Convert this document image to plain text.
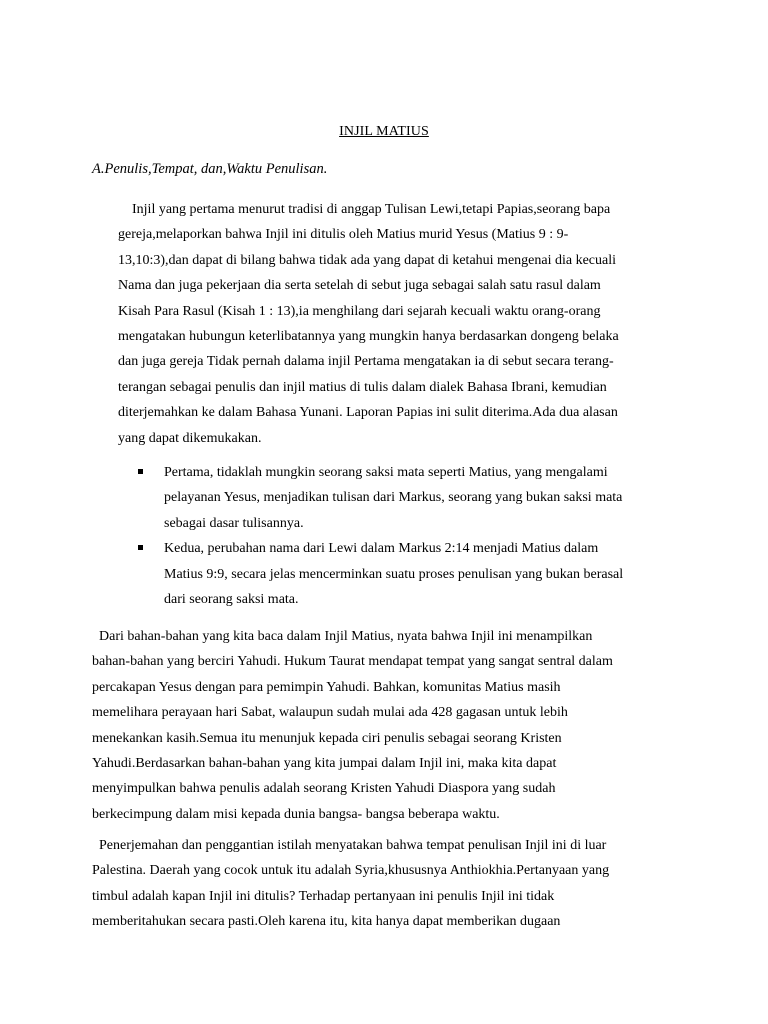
INJIL MATIUS
A.Penulis,Tempat, dan,Waktu Penulisan.
Injil yang pertama menurut tradisi di anggap Tulisan Lewi,tetapi Papias,seorang bapa
gereja,melaporkan bahwa Injil ini ditulis oleh Matius murid Yesus (Matius 9 : 9-
13,10:3),dan dapat di bilang bahwa tidak ada yang dapat di ketahui mengenai dia kecuali
Nama dan juga pekerjaan dia serta setelah di sebut juga sebagai salah satu rasul dalam
Kisah Para Rasul (Kisah 1 : 13),ia menghilang dari sejarah kecuali waktu orang-orang
mengatakan hubungun keterlibatannya yang mungkin hanya berdasarkan dongeng belaka
dan juga gereja Tidak pernah dalama injil Pertama mengatakan ia di sebut secara terang-
terangan sebagai penulis dan injil matius di tulis dalam dialek Bahasa Ibrani, kemudian
diterjemahkan ke dalam Bahasa Yunani. Laporan Papias ini sulit diterima.Ada dua alasan
yang dapat dikemukakan.
Pertama, tidaklah mungkin seorang saksi mata seperti Matius, yang mengalami
pelayanan Yesus, menjadikan tulisan dari Markus, seorang yang bukan saksi mata
sebagai dasar tulisannya.
Kedua, perubahan nama dari Lewi dalam Markus 2:14 menjadi Matius dalam
Matius 9:9, secara jelas mencerminkan suatu proses penulisan yang bukan berasal
dari seorang saksi mata.
Dari bahan-bahan yang kita baca dalam Injil Matius, nyata bahwa Injil ini menampilkan
bahan-bahan yang berciri Yahudi. Hukum Taurat mendapat tempat yang sangat sentral dalam
percakapan Yesus dengan para pemimpin Yahudi. Bahkan, komunitas Matius masih
memelihara perayaan hari Sabat, walaupun sudah mulai ada 428 gagasan untuk lebih
menekankan kasih.Semua itu menunjuk kepada ciri penulis sebagai seorang Kristen
Yahudi.Berdasarkan bahan-bahan yang kita jumpai dalam Injil ini, maka kita dapat
menyimpulkan bahwa penulis adalah seorang Kristen Yahudi Diaspora yang sudah
berkecimpung dalam misi kepada dunia bangsa- bangsa beberapa waktu.
Penerjemahan dan penggantian istilah menyatakan bahwa tempat penulisan Injil ini di luar
Palestina. Daerah yang cocok untuk itu adalah Syria,khususnya Anthiokhia.Pertanyaan yang
timbul adalah kapan Injil ini ditulis? Terhadap pertanyaan ini penulis Injil ini tidak
memberitahukan secara pasti.Oleh karena itu, kita hanya dapat memberikan dugaan
